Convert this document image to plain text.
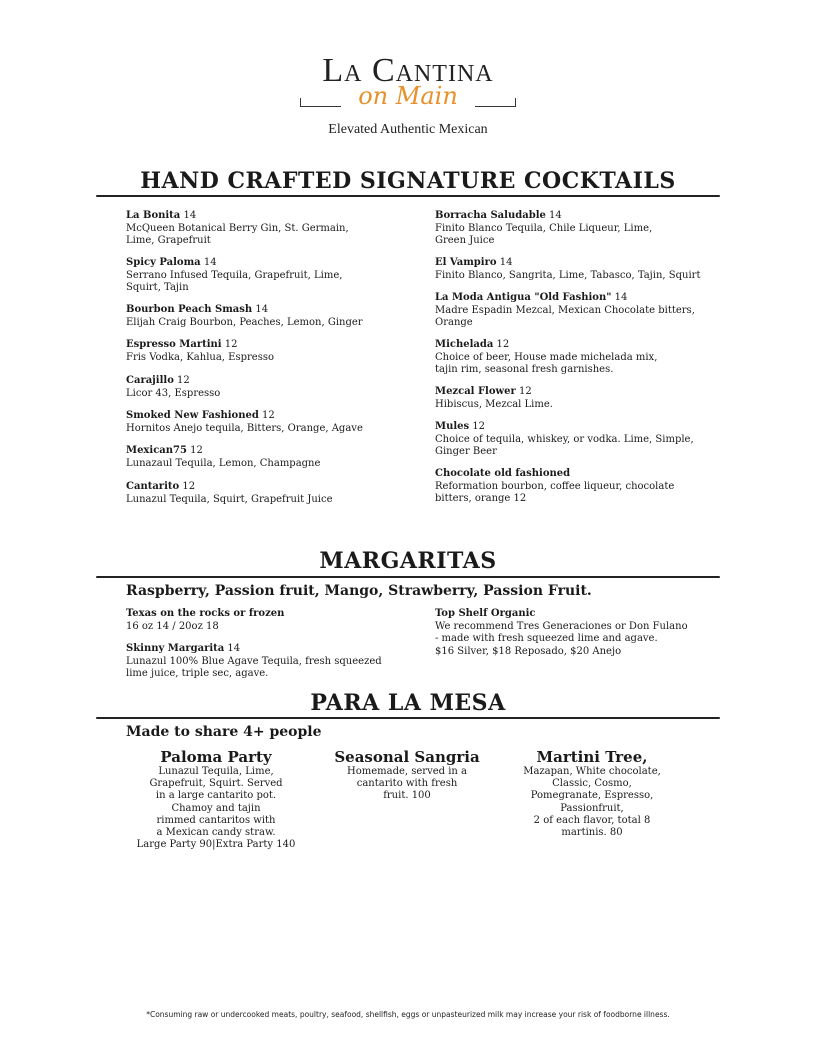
La Cantina
on Main
Elevated Authentic Mexican
HAND CRAFTED SIGNATURE COCKTAILS
La Bonita 14
McQueen Botanical Berry Gin, St. Germain,
Lime, Grapefruit
Spicy Paloma 14
Serrano Infused Tequila, Grapefruit, Lime,
Squirt, Tajin
Bourbon Peach Smash 14
Elijah Craig Bourbon, Peaches, Lemon, Ginger
Espresso Martini 12
Fris Vodka, Kahlua, Espresso
Carajillo 12
Licor 43, Espresso
Smoked New Fashioned 12
Hornitos Anejo tequila, Bitters, Orange, Agave
Mexican75 12
Lunazaul Tequila, Lemon, Champagne
Cantarito 12
Lunazul Tequila, Squirt, Grapefruit Juice
Borracha Saludable 14
Finito Blanco Tequila, Chile Liqueur, Lime,
Green Juice
El Vampiro 14
Finito Blanco, Sangrita, Lime, Tabasco, Tajin, Squirt
La Moda Antigua "Old Fashion" 14
Madre Espadin Mezcal, Mexican Chocolate bitters,
Orange
Michelada 12
Choice of beer, House made michelada mix,
tajin rim, seasonal fresh garnishes.
Mezcal Flower 12
Hibiscus, Mezcal Lime.
Mules 12
Choice of tequila, whiskey, or vodka. Lime, Simple,
Ginger Beer
Chocolate old fashioned
Reformation bourbon, coffee liqueur, chocolate
bitters, orange 12
MARGARITAS
Raspberry, Passion fruit, Mango, Strawberry, Passion Fruit.
Texas on the rocks or frozen
16 oz 14 / 20oz 18
Skinny Margarita 14
Lunazul 100% Blue Agave Tequila, fresh squeezed
lime juice, triple sec, agave.
Top Shelf Organic
We recommend Tres Generaciones or Don Fulano
- made with fresh squeezed lime and agave.
$16 Silver, $18 Reposado, $20 Anejo
PARA LA MESA
Made to share 4+ people
Paloma Party
Lunazul Tequila, Lime,
Grapefruit, Squirt. Served
in a large cantarito pot.
Chamoy and tajin
rimmed cantaritos with
a Mexican candy straw.
Large Party 90|Extra Party 140
Seasonal Sangria
Homemade, served in a
cantarito with fresh
fruit. 100
Martini Tree,
Mazapan, White chocolate,
Classic, Cosmo,
Pomegranate, Espresso,
Passionfruit,
2 of each flavor, total 8
martinis. 80
*Consuming raw or undercooked meats, poultry, seafood, shellfish, eggs or unpasteurized milk may increase your risk of foodborne illness.
